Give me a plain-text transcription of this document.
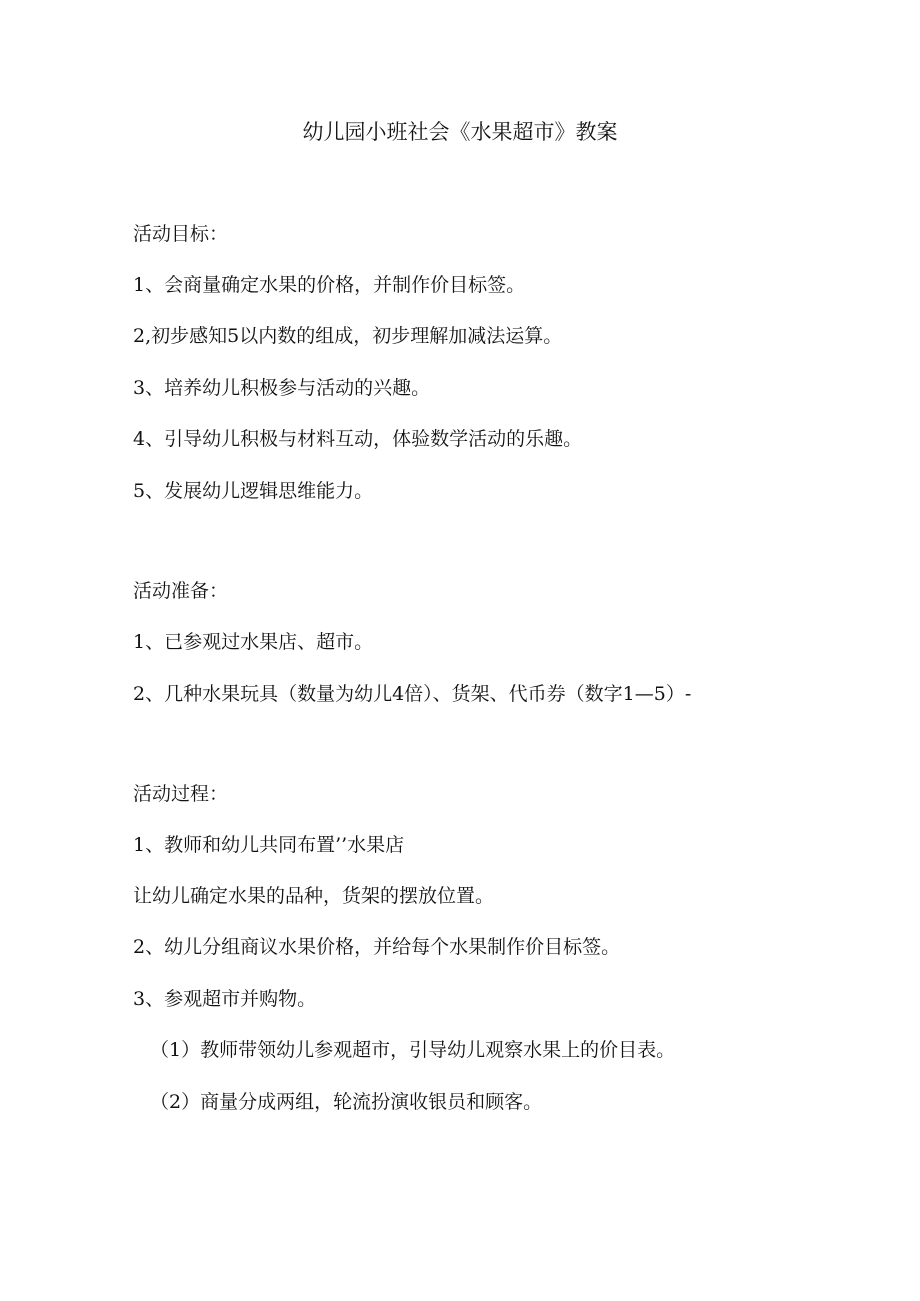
幼儿园小班社会《水果超市》教案

活动目标：

1、会商量确定水果的价格，并制作价目标签。

2,初步感知5以内数的组成，初步理解加减法运算。

3、培养幼儿积极参与活动的兴趣。

4、引导幼儿积极与材料互动，体验数学活动的乐趣。

5、发展幼儿逻辑思维能力。

活动准备：

1、已参观过水果店、超市。

2、几种水果玩具（数量为幼儿4倍）、货架、代币券（数字1—5）-

活动过程：

1、教师和幼儿共同布置’’水果店

让幼儿确定水果的品种，货架的摆放位置。

2、幼儿分组商议水果价格，并给每个水果制作价目标签。

3、参观超市并购物。

（1）教师带领幼儿参观超市，引导幼儿观察水果上的价目表。

（2）商量分成两组，轮流扮演收银员和顾客。
